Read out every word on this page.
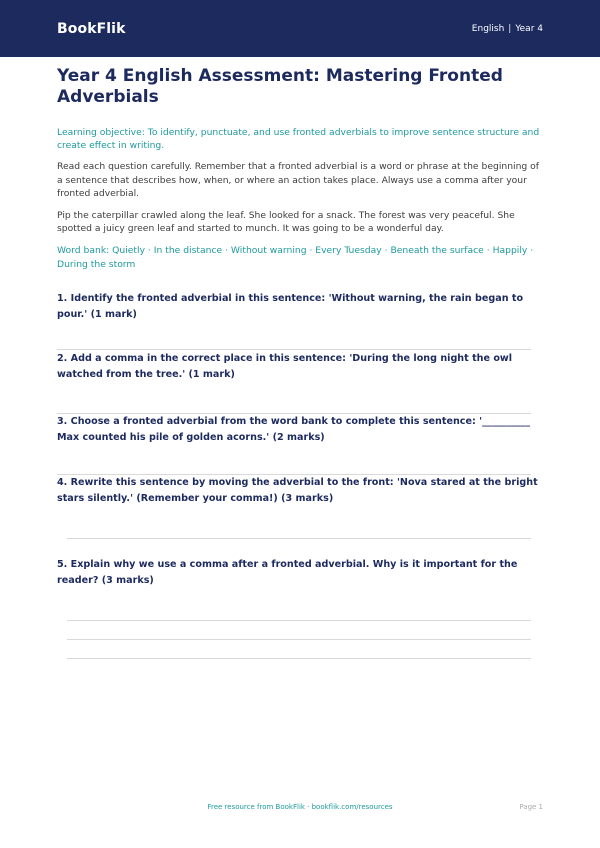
BookFlik	English | Year 4
Year 4 English Assessment: Mastering Fronted Adverbials

Learning objective: To identify, punctuate, and use fronted adverbials to improve sentence structure and create effect in writing.

Read each question carefully. Remember that a fronted adverbial is a word or phrase at the beginning of a sentence that describes how, when, or where an action takes place. Always use a comma after your fronted adverbial.

Pip the caterpillar crawled along the leaf. She looked for a snack. The forest was very peaceful. She spotted a juicy green leaf and started to munch. It was going to be a wonderful day.

Word bank: Quietly · In the distance · Without warning · Every Tuesday · Beneath the surface · Happily · During the storm

1. Identify the fronted adverbial in this sentence: 'Without warning, the rain began to pour.' (1 mark)
2. Add a comma in the correct place in this sentence: 'During the long night the owl watched from the tree.' (1 mark)
3. Choose a fronted adverbial from the word bank to complete this sentence: '__________ Max counted his pile of golden acorns.' (2 marks)
4. Rewrite this sentence by moving the adverbial to the front: 'Nova stared at the bright stars silently.' (Remember your comma!) (3 marks)
5. Explain why we use a comma after a fronted adverbial. Why is it important for the reader? (3 marks)
Free resource from BookFlik · bookflik.com/resources	Page 1
